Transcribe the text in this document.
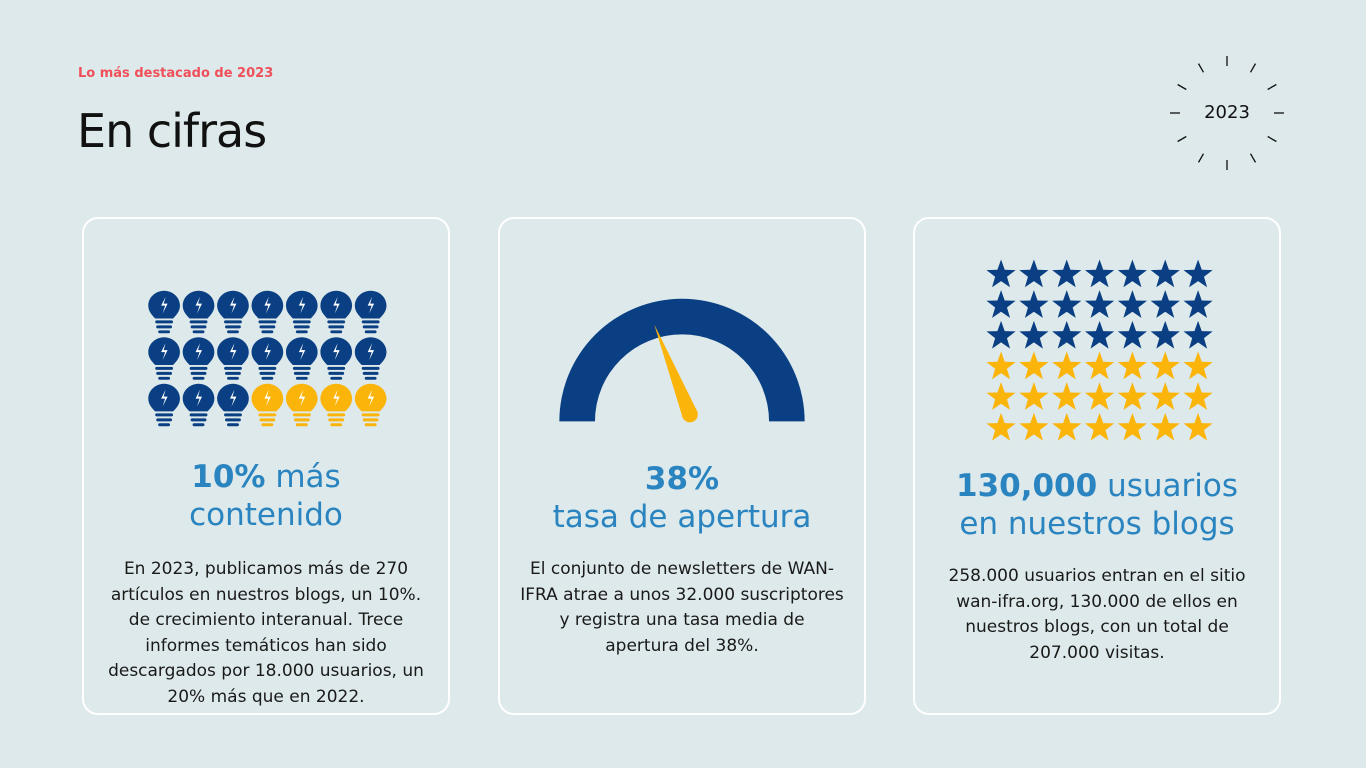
Lo más destacado de 2023
En cifras	2023
10% más
contenido
En 2023, publicamos más de 270 artículos en nuestros blogs, un 10%. de crecimiento interanual. Trece informes temáticos han sido descargados por 18.000 usuarios, un 20% más que en 2022.
38%
tasa de apertura
El conjunto de newsletters de WAN-IFRA atrae a unos 32.000 suscriptores y registra una tasa media de apertura del 38%.
130,000 usuarios
en nuestros blogs
258.000 usuarios entran en el sitio wan-ifra.org, 130.000 de ellos en nuestros blogs, con un total de 207.000 visitas.
